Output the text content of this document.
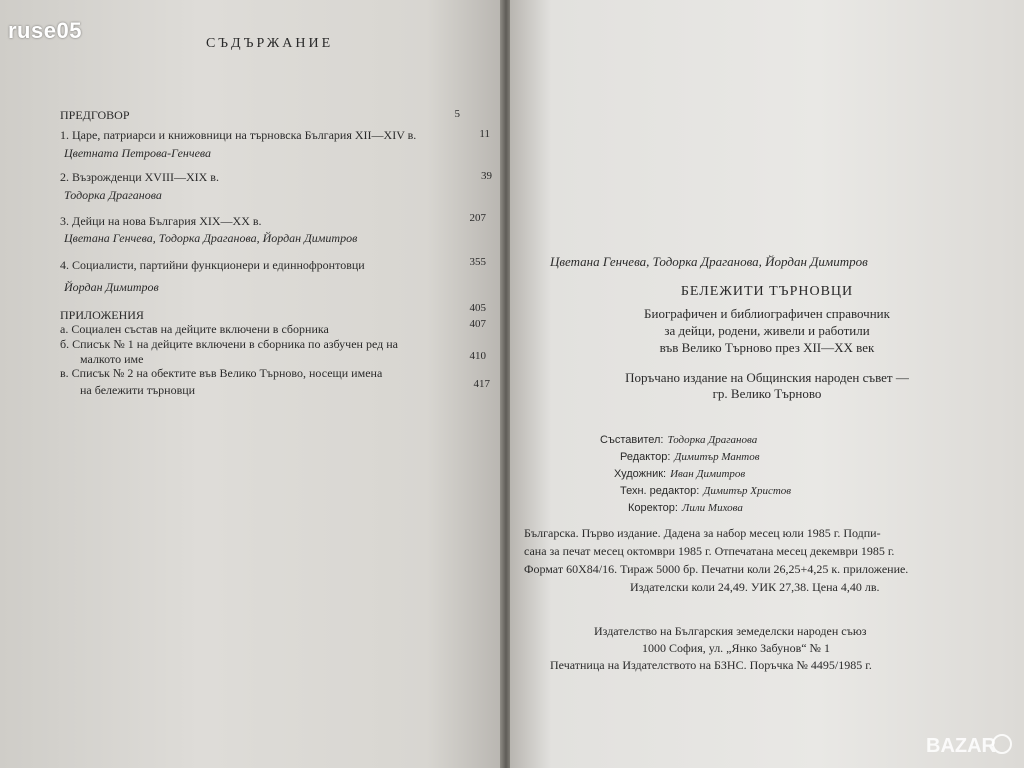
СЪДЪРЖАНИЕ
ПРЕДГОВОР	5
1. Царе, патриарси и книжовници на търновска България XII—XIV в.	11
Цветната Петрова-Генчева
2. Възрожденци XVIII—XIX в.	39
Тодорка Драганова
3. Дейци на нова България XIX—XX в.	207
Цветана Генчева, Тодорка Драганова, Йордан Димитров
4. Социалисти, партийни функционери и единнофронтовци	355
Йордан Димитров
ПРИЛОЖЕНИЯ	405
а. Социален състав на дейците включени в сборника	407
б. Списък № 1 на дейците включени в сборника по азбучен ред на
малкото име	410
в. Списък № 2 на обектите във Велико Търново, носещи имена
на бележити търновци	417
Цветана Генчева, Тодорка Драганова, Йордан Димитров
БЕЛЕЖИТИ ТЪРНОВЦИ
Биографичен и библиографичен справочник
за дейци, родени, живели и работили
във Велико Търново през XII—XX век
Поръчано издание на Общинския народен съвет —
гр. Велико Търново
Съставител: Тодорка Драганова
Редактор: Димитър Мантов
Художник: Иван Димитров
Техн. редактор: Димитър Христов
Коректор: Лили Михова
Българска. Първо издание. Дадена за набор месец юли 1985 г. Подпи-
сана за печат месец октомври 1985 г. Отпечатана месец декември 1985 г.
Формат 60Х84/16. Тираж 5000 бр. Печатни коли 26,25+4,25 к. приложение.
Издателски коли 24,49. УИК 27,38. Цена 4,40 лв.
Издателство на Българския земеделски народен съюз
1000 София, ул. „Янко Забунов“ № 1
Печатница на Издателството на БЗНС. Поръчка № 4495/1985 г.
ruse05
BAZAR
